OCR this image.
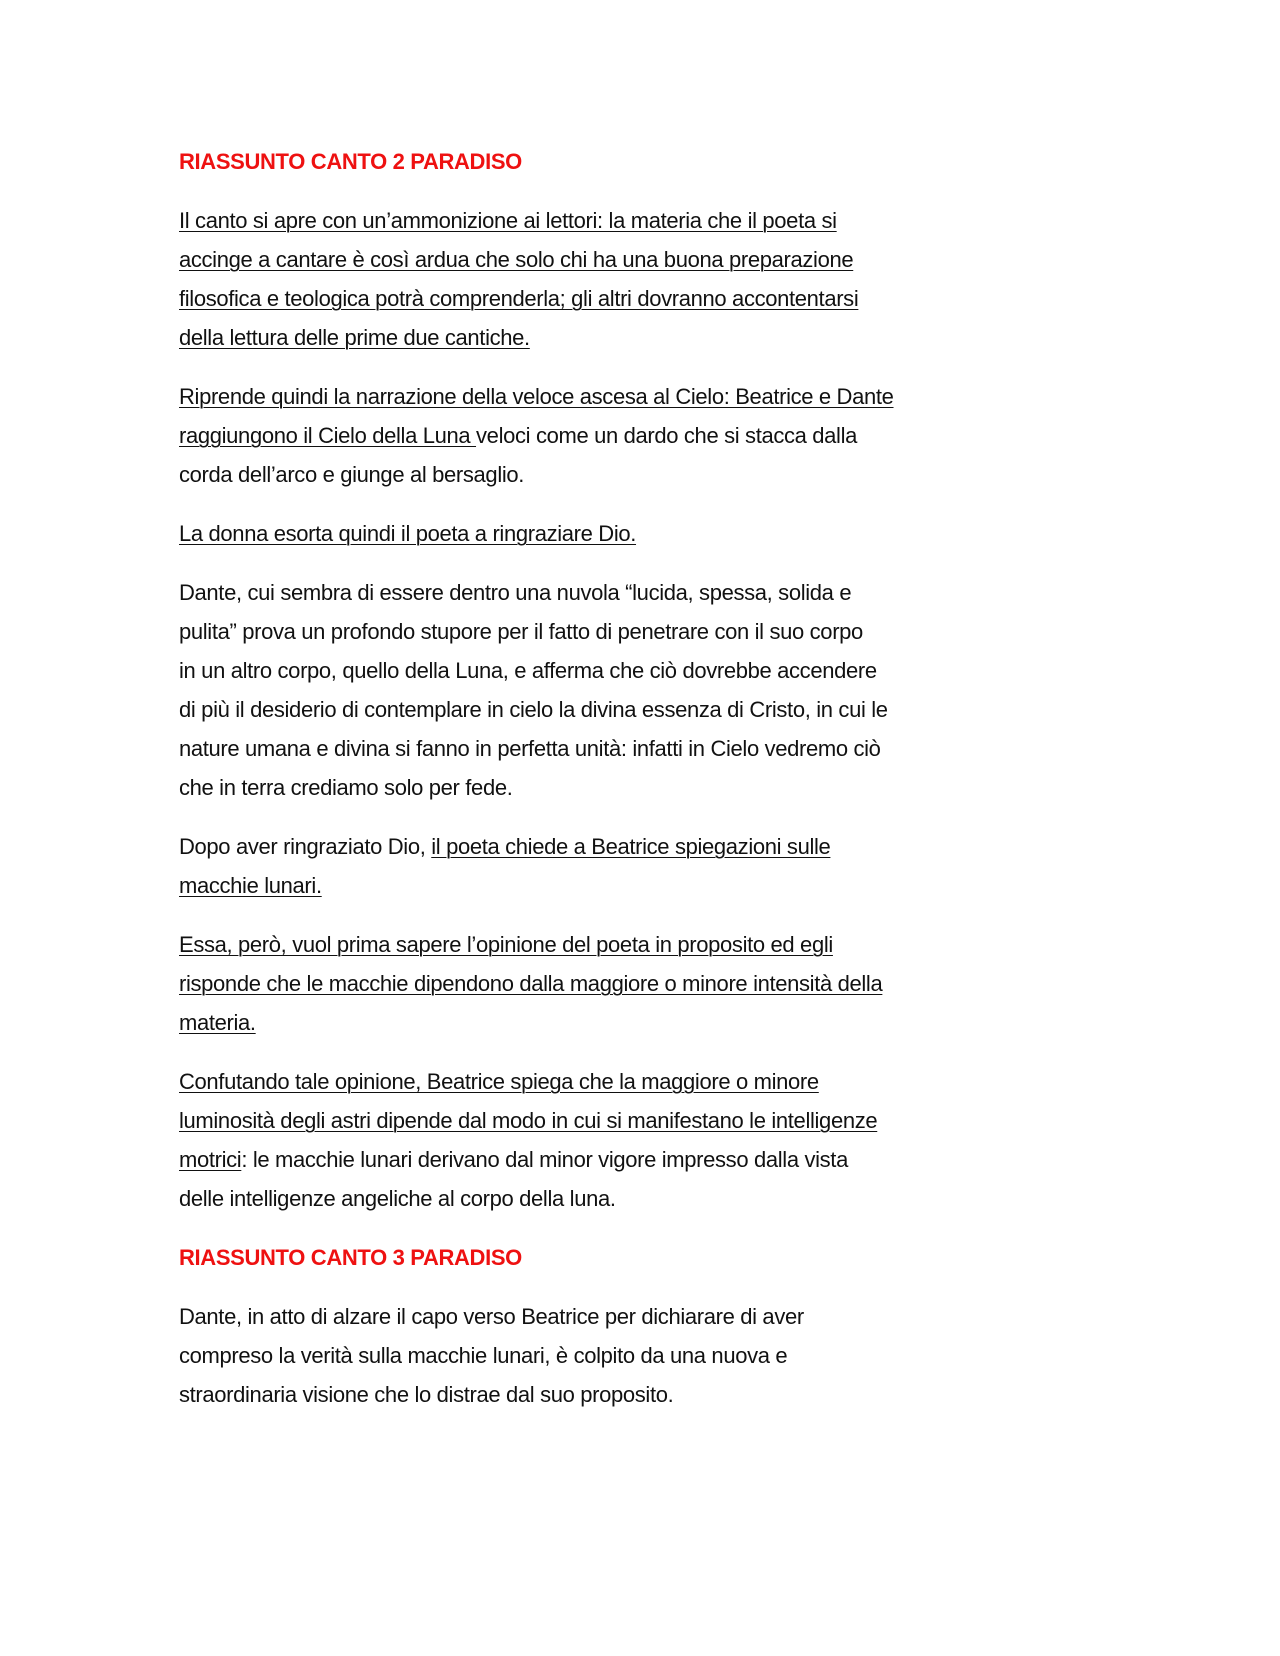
RIASSUNTO CANTO 2 PARADISO
Il canto si apre con un’ammonizione ai lettori: la materia che il poeta si
accinge a cantare è così ardua che solo chi ha una buona preparazione
filosofica e teologica potrà comprenderla; gli altri dovranno accontentarsi
della lettura delle prime due cantiche.
Riprende quindi la narrazione della veloce ascesa al Cielo: Beatrice e Dante
raggiungono il Cielo della Luna veloci come un dardo che si stacca dalla
corda dell’arco e giunge al bersaglio.
La donna esorta quindi il poeta a ringraziare Dio.
Dante, cui sembra di essere dentro una nuvola “lucida, spessa, solida e
pulita” prova un profondo stupore per il fatto di penetrare con il suo corpo
in un altro corpo, quello della Luna, e afferma che ciò dovrebbe accendere
di più il desiderio di contemplare in cielo la divina essenza di Cristo, in cui le
nature umana e divina si fanno in perfetta unità: infatti in Cielo vedremo ciò
che in terra crediamo solo per fede.
Dopo aver ringraziato Dio, il poeta chiede a Beatrice spiegazioni sulle
macchie lunari.
Essa, però, vuol prima sapere l’opinione del poeta in proposito ed egli
risponde che le macchie dipendono dalla maggiore o minore intensità della
materia.
Confutando tale opinione, Beatrice spiega che la maggiore o minore
luminosità degli astri dipende dal modo in cui si manifestano le intelligenze
motrici: le macchie lunari derivano dal minor vigore impresso dalla vista
delle intelligenze angeliche al corpo della luna.
RIASSUNTO CANTO 3 PARADISO
Dante, in atto di alzare il capo verso Beatrice per dichiarare di aver
compreso la verità sulla macchie lunari, è colpito da una nuova e
straordinaria visione che lo distrae dal suo proposito.
